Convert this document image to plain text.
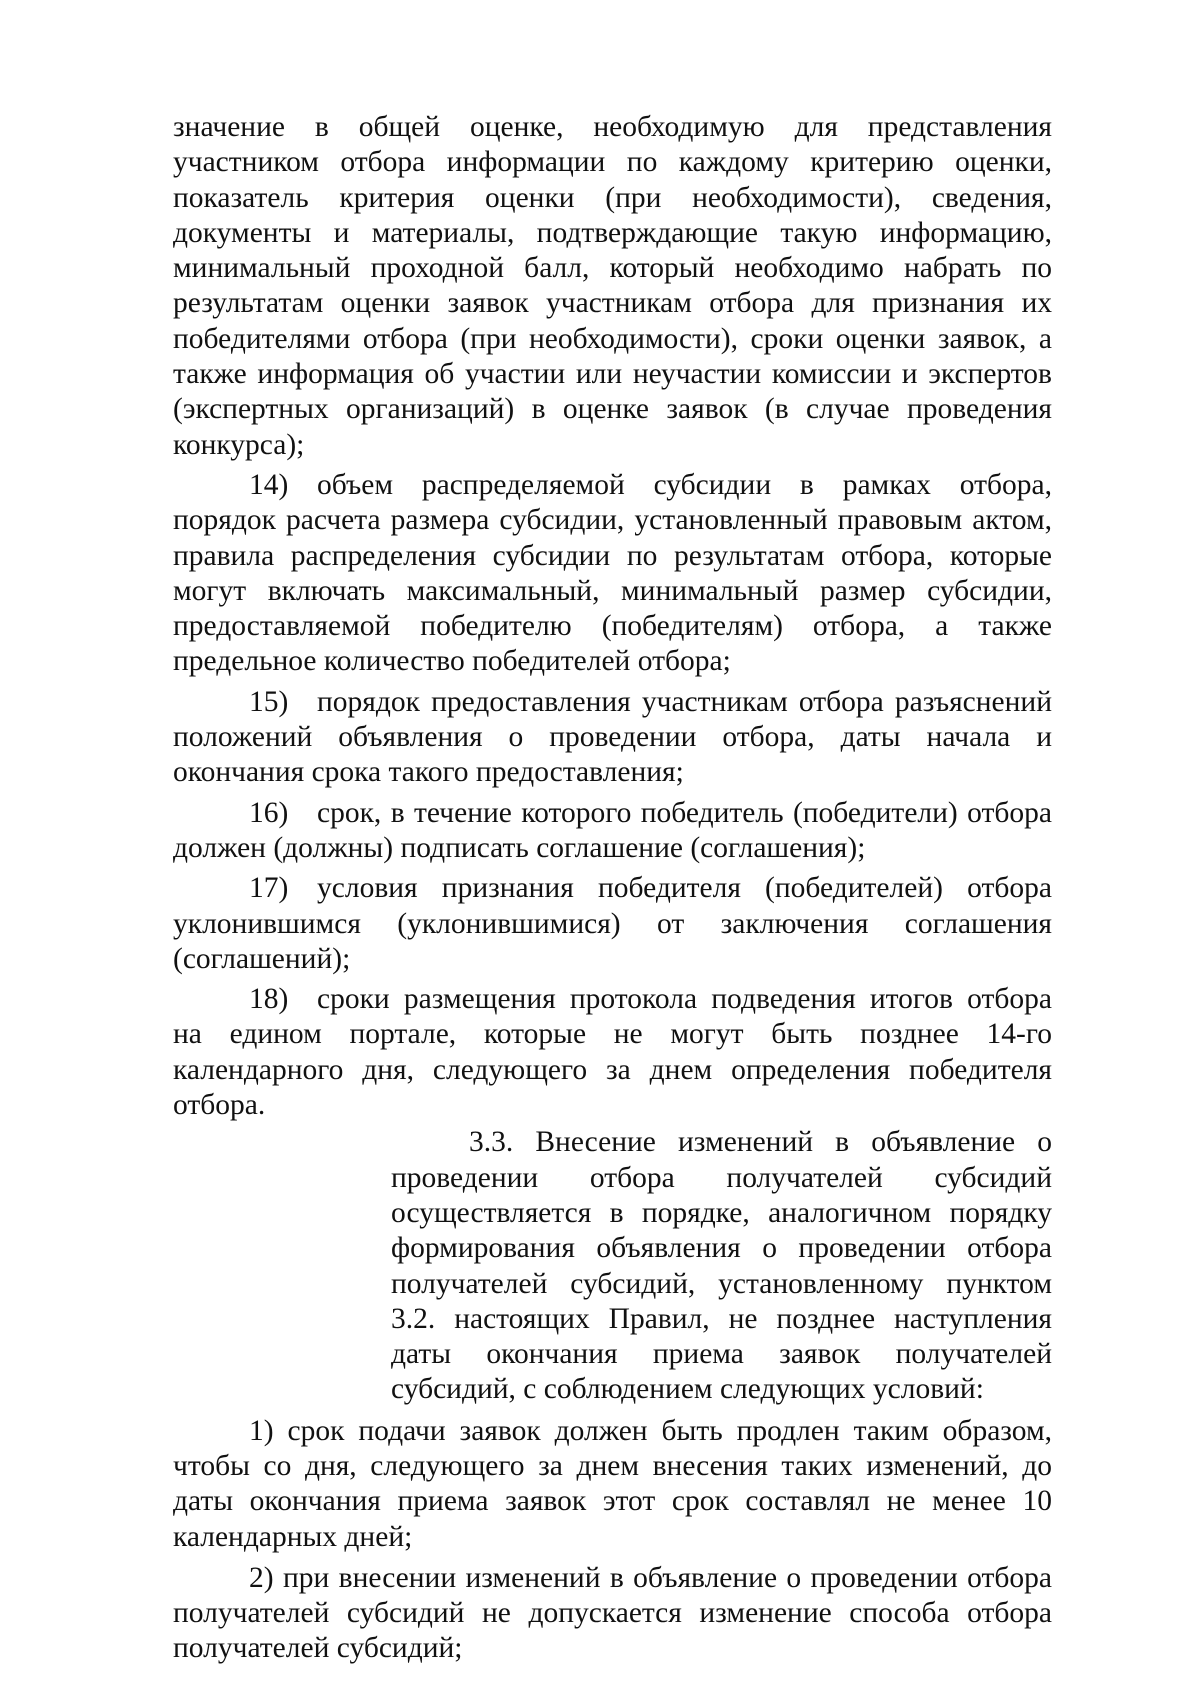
значение в общей оценке, необходимую для представления участником отбора информации по каждому критерию оценки, показатель критерия оценки (при необходимости), сведения, документы и материалы, подтверждающие такую информацию, минимальный проходной балл, который необходимо набрать по результатам оценки заявок участникам отбора для признания их победителями отбора (при необходимости), сроки оценки заявок, а также информация об участии или неучастии комиссии и экспертов (экспертных организаций) в оценке заявок (в случае проведения конкурса);

14) объем распределяемой субсидии в рамках отбора, порядок расчета размера субсидии, установленный правовым актом, правила распределения субсидии по результатам отбора, которые могут включать максимальный, минимальный размер субсидии, предоставляемой победителю (победителям) отбора, а также предельное количество победителей отбора;

15) порядок предоставления участникам отбора разъяснений положений объявления о проведении отбора, даты начала и окончания срока такого предоставления;

16) срок, в течение которого победитель (победители) отбора должен (должны) подписать соглашение (соглашения);

17) условия признания победителя (победителей) отбора уклонившимся (уклонившимися) от заключения соглашения (соглашений);

18) сроки размещения протокола подведения итогов отбора на едином портале, которые не могут быть позднее 14-го календарного дня, следующего за днем определения победителя отбора.

3.3. Внесение изменений в объявление о проведении отбора получателей субсидий осуществляется в порядке, аналогичном порядку формирования объявления о проведении отбора получателей субсидий, установленному пунктом 3.2. настоящих Правил, не позднее наступления даты окончания приема заявок получателей субсидий, с соблюдением следующих условий:

1) срок подачи заявок должен быть продлен таким образом, чтобы со дня, следующего за днем внесения таких изменений, до даты окончания приема заявок этот срок составлял не менее 10 календарных дней;

2) при внесении изменений в объявление о проведении отбора получателей субсидий не допускается изменение способа отбора получателей субсидий;
